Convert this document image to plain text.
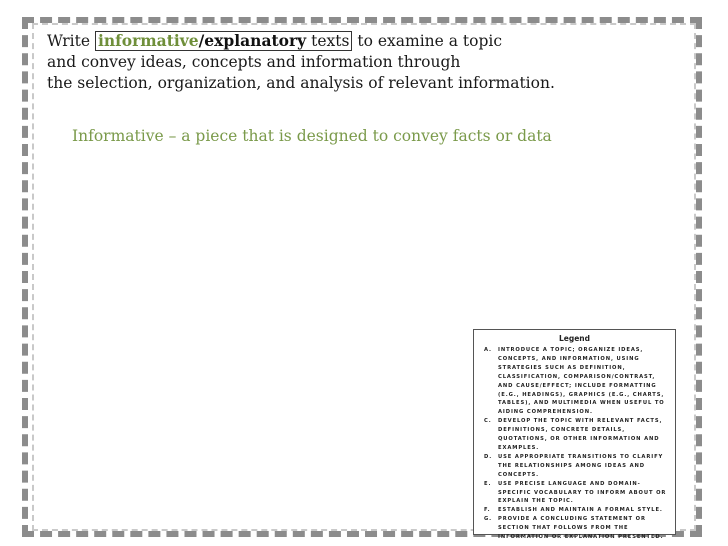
Write informative/explanatory texts to examine a topic
and convey ideas, concepts and information through
the selection, organization, and analysis of relevant information.

Informative – a piece that is designed to convey facts or data

Legend

A.	INTRODUCE A TOPIC; ORGANIZE IDEAS, CONCEPTS, AND INFORMATION, USING STRATEGIES SUCH AS DEFINITION, CLASSIFICATION, COMPARISON/CONTRAST, AND CAUSE/EFFECT; INCLUDE FORMATTING (E.G., HEADINGS), GRAPHICS (E.G., CHARTS, TABLES), AND MULTIMEDIA WHEN USEFUL TO AIDING COMPREHENSION.
C.	DEVELOP THE TOPIC WITH RELEVANT FACTS, DEFINITIONS, CONCRETE DETAILS, QUOTATIONS, OR OTHER INFORMATION AND EXAMPLES.
D.	USE APPROPRIATE TRANSITIONS TO CLARIFY THE RELATIONSHIPS AMONG IDEAS AND CONCEPTS.
E.	USE PRECISE LANGUAGE AND DOMAIN-SPECIFIC VOCABULARY TO INFORM ABOUT OR EXPLAIN THE TOPIC.
F.	ESTABLISH AND MAINTAIN A FORMAL STYLE.
G.	PROVIDE A CONCLUDING STATEMENT OR SECTION THAT FOLLOWS FROM THE INFORMATION OR EXPLANATION PRESENTED.
